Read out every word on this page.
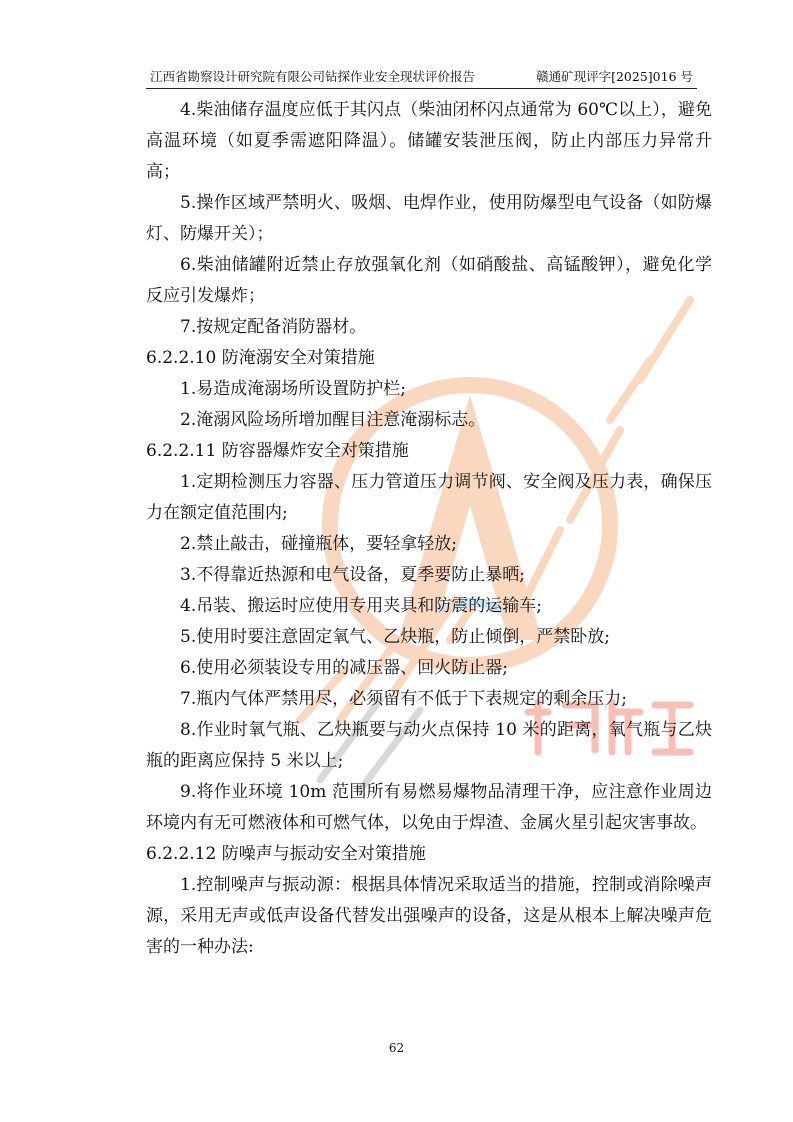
江西省勘察设计研究院有限公司钻探作业安全现状评价报告	赣通矿现评字[2025]016 号

4.柴油储存温度应低于其闪点（柴油闭杯闪点通常为 60℃以上），避免高温环境（如夏季需遮阳降温）。储罐安装泄压阀，防止内部压力异常升高；

5.操作区域严禁明火、吸烟、电焊作业，使用防爆型电气设备（如防爆灯、防爆开关）；

6.柴油储罐附近禁止存放强氧化剂（如硝酸盐、高锰酸钾），避免化学反应引发爆炸；

7.按规定配备消防器材。

6.2.2.10 防淹溺安全对策措施

1.易造成淹溺场所设置防护栏;

2.淹溺风险场所增加醒目注意淹溺标志。

6.2.2.11 防容器爆炸安全对策措施

1.定期检测压力容器、压力管道压力调节阀、安全阀及压力表，确保压力在额定值范围内;

2.禁止敲击，碰撞瓶体，要轻拿轻放;

3.不得靠近热源和电气设备，夏季要防止暴晒;

4.吊装、搬运时应使用专用夹具和防震的运输车;

5.使用时要注意固定氧气、乙炔瓶，防止倾倒，严禁卧放;

6.使用必须装设专用的减压器、回火防止器;

7.瓶内气体严禁用尽，必须留有不低于下表规定的剩余压力;

8.作业时氧气瓶、乙炔瓶要与动火点保持 10 米的距离，氧气瓶与乙炔瓶的距离应保持 5 米以上;

9.将作业环境 10m 范围所有易燃易爆物品清理干净，应注意作业周边环境内有无可燃液体和可燃气体，以免由于焊渣、金属火星引起灾害事故。

6.2.2.12 防噪声与振动安全对策措施

1.控制噪声与振动源：根据具体情况采取适当的措施，控制或消除噪声源，采用无声或低声设备代替发出强噪声的设备，这是从根本上解决噪声危害的一种办法:

62
